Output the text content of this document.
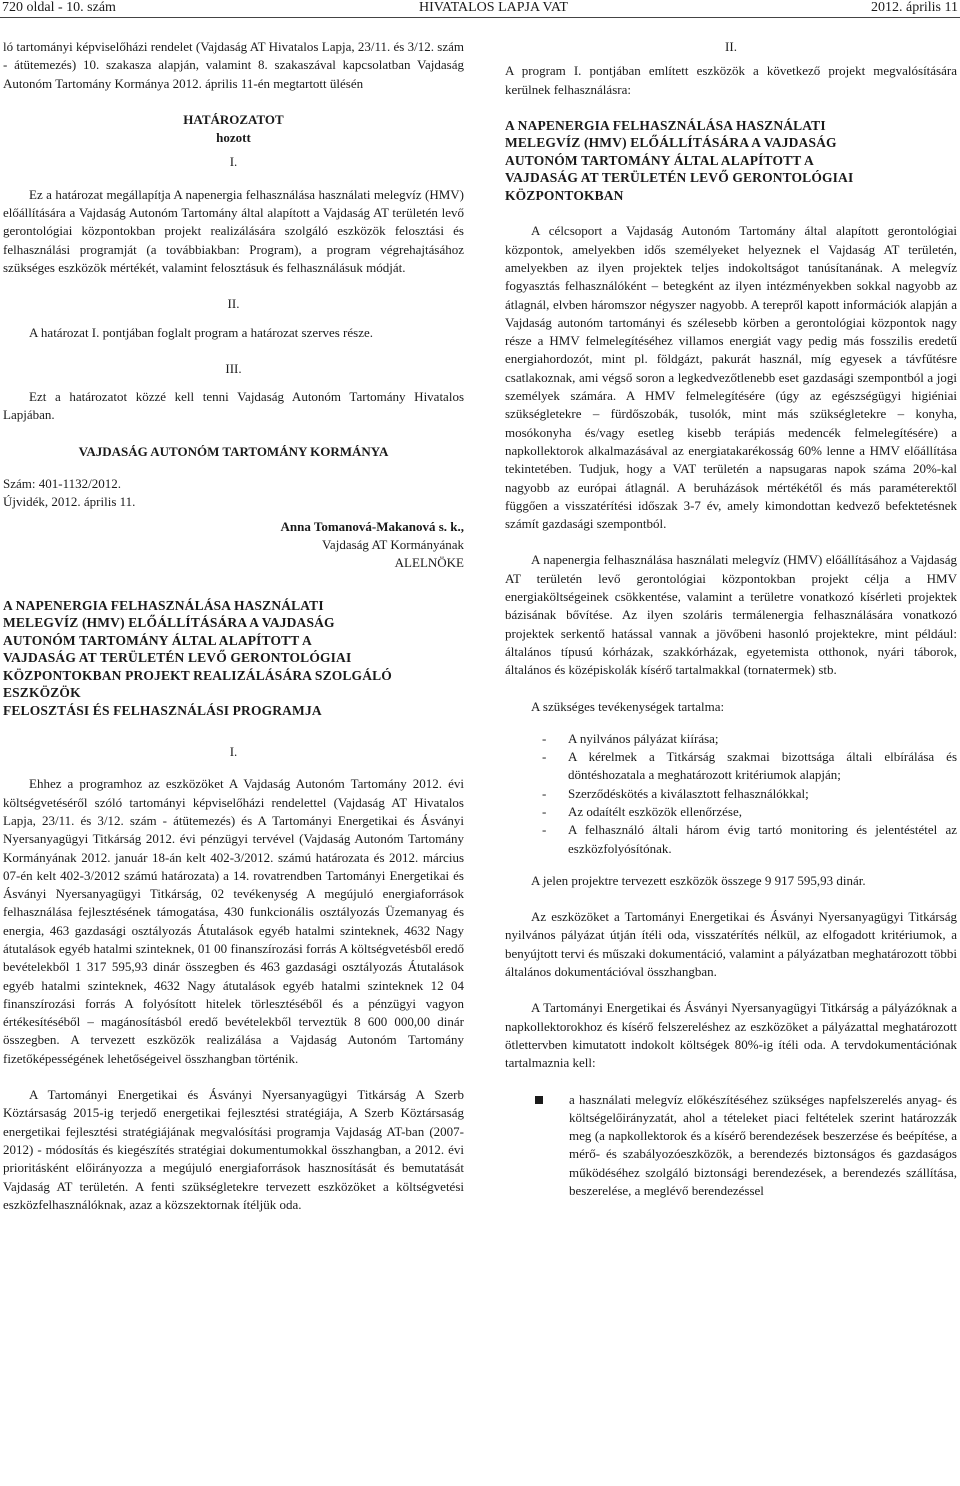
720 oldal - 10. szám	HIVATALOS LAPJA VAT	2012. április 11

ló tartományi képviselőházi rendelet (Vajdaság AT Hivatalos Lapja, 23/11. és 3/12. szám - átütemezés) 10. szakasza alapján, valamint 8. szakaszával kapcsolatban Vajdaság Autonóm Tartomány Kormánya 2012. április 11-én megtartott ülésén

HATÁROZATOT

hozott

I.

Ez a határozat megállapítja A napenergia felhasználása használati melegvíz (HMV) előállítására a Vajdaság Autonóm Tartomány által alapított a Vajdaság AT területén levő gerontológiai központokban projekt realizálására szolgáló eszközök felosztási és felhasználási programját (a továbbiakban: Program), a program végrehajtásához szükséges eszközök mértékét, valamint felosztásuk és felhasználásuk módját.

II.

A határozat I. pontjában foglalt program a határozat szerves része.

III.

Ezt a határozatot közzé kell tenni Vajdaság Autonóm Tartomány Hivatalos Lapjában.

VAJDASÁG AUTONÓM TARTOMÁNY KORMÁNYA

Szám: 401-1132/2012.

Újvidék, 2012. április 11.

Anna Tomanová-Makanová s. k.,

Vajdaság AT Kormányának

ALELNÖKE

A NAPENERGIA FELHASZNÁLÁSA HASZNÁLATI

MELEGVÍZ (HMV) ELŐÁLLÍTÁSÁRA A VAJDASÁG

AUTONÓM TARTOMÁNY ÁLTAL ALAPÍTOTT A

VAJDASÁG AT TERÜLETÉN LEVŐ GERONTOLÓGIAI

KÖZPONTOKBAN PROJEKT REALIZÁLÁSÁRA SZOLGÁLÓ

ESZKÖZÖK

FELOSZTÁSI ÉS FELHASZNÁLÁSI PROGRAMJA

I.

Ehhez a programhoz az eszközöket A Vajdaság Autonóm Tartomány 2012. évi költségvetéséről szóló tartományi képviselőházi rendelettel (Vajdaság AT Hivatalos Lapja, 23/11. és 3/12. szám - átütemezés) és A Tartományi Energetikai és Ásványi Nyersanyagügyi Titkárság 2012. évi pénzügyi tervével (Vajdaság Autonóm Tartomány Kormányának 2012. január 18-án kelt 402-3/2012. számú határozata és 2012. március 07-én kelt 402-3/2012 számú határozata) a 14. rovatrendben Tartományi Energetikai és Ásványi Nyersanyagügyi Titkárság, 02 tevékenység A megújuló energiaforrások felhasználása fejlesztésének támogatása, 430 funkcionális osztályozás Üzemanyag és energia, 463 gazdasági osztályozás Átutalások egyéb hatalmi szinteknek, 4632 Nagy átutalások egyéb hatalmi szinteknek, 01 00 finanszírozási forrás A költségvetésből eredő bevételekből 1 317 595,93 dinár összegben és 463 gazdasági osztályozás Átutalások egyéb hatalmi szinteknek, 4632 Nagy átutalások egyéb hatalmi szinteknek 12 04 finanszírozási forrás A folyósított hitelek törlesztéséből és a pénzügyi vagyon értékesítéséből – magánosításból eredő bevételekből terveztük 8 600 000,00 dinár összegben. A tervezett eszközök realizálása a Vajdaság Autonóm Tartomány fizetőképességének lehetőségeivel összhangban történik.

A Tartományi Energetikai és Ásványi Nyersanyagügyi Titkárság A Szerb Köztársaság 2015-ig terjedő energetikai fejlesztési stratégiája, A Szerb Köztársaság energetikai fejlesztési stratégiájának megvalósítási programja Vajdaság AT-ban (2007-2012) - módosítás és kiegészítés stratégiai dokumentumokkal összhangban, a 2012. évi prioritásként előirányozza a megújuló energiaforrások hasznosítását és bemutatását Vajdaság AT területén. A fenti szükségletekre tervezett eszközöket a költségvetési eszközfelhasználóknak, azaz a közszektornak ítéljük oda.

II.

A program I. pontjában említett eszközök a következő projekt megvalósítására kerülnek felhasználásra:

A NAPENERGIA FELHASZNÁLÁSA HASZNÁLATI

MELEGVÍZ (HMV) ELŐÁLLÍTÁSÁRA A VAJDASÁG

AUTONÓM TARTOMÁNY ÁLTAL ALAPÍTOTT A

VAJDASÁG AT TERÜLETÉN LEVŐ GERONTOLÓGIAI

KÖZPONTOKBAN

A célcsoport a Vajdaság Autonóm Tartomány által alapított gerontológiai központok, amelyekben idős személyeket helyeznek el Vajdaság AT területén, amelyekben az ilyen projektek teljes indokoltságot tanúsítanának. A melegvíz fogyasztás felhasználóként – betegként az ilyen intézményekben sokkal nagyobb az átlagnál, elvben háromszor négyszer nagyobb. A terepről kapott információk alapján a Vajdaság autonóm tartományi és szélesebb körben a gerontológiai központok nagy része a HMV felmelegítéséhez villamos energiát vagy pedig más fosszilis eredetű energiahordozót, mint pl. földgázt, pakurát használ, míg egyesek a távfűtésre csatlakoznak, ami végső soron a legkedvezőtlenebb eset gazdasági szempontból a jogi személyek számára. A HMV felmelegítésére (úgy az egészségügyi higiéniai szükségletekre – fürdőszobák, tusolók, mint más szükségletekre – konyha, mosókonyha és/vagy esetleg kisebb terápiás medencék felmelegítésére) a napkollektorok alkalmazásával az energiatakarékosság 60% lenne a HMV előállítása tekintetében. Tudjuk, hogy a VAT területén a napsugaras napok száma 20%-kal nagyobb az európai átlagnál. A beruházások mértékétől és más paraméterektől függően a visszatérítési időszak 3-7 év, amely kimondottan kedvező befektetésnek számít gazdasági szempontból.

A napenergia felhasználása használati melegvíz (HMV) előállításához a Vajdaság AT területén levő gerontológiai központokban projekt célja a HMV energiaköltségeinek csökkentése, valamint a területre vonatkozó kísérleti projektek bázisának bővítése. Az ilyen szoláris termálenergia felhasználására vonatkozó projektek serkentő hatással vannak a jövőbeni hasonló projektekre, mint például: általános típusú kórházak, szakkórházak, egyetemista otthonok, nyári táborok, általános és középiskolák kísérő tartalmakkal (tornatermek) stb.

A szükséges tevékenységek tartalma:

- A nyilvános pályázat kiírása;
- A kérelmek a Titkárság szakmai bizottsága általi elbírálása és döntéshozatala a meghatározott kritériumok alapján;
- Szerződéskötés a kiválasztott felhasználókkal;
- Az odaítélt eszközök ellenőrzése,
- A felhasználó általi három évig tartó monitoring és jelentéstétel az eszközfolyósítónak.

A jelen projektre tervezett eszközök összege 9 917 595,93 dinár.

Az eszközöket a Tartományi Energetikai és Ásványi Nyersanyagügyi Titkárság nyilvános pályázat útján ítéli oda, visszatérítés nélkül, az elfogadott kritériumok, a benyújtott tervi és műszaki dokumentáció, valamint a pályázatban meghatározott többi általános dokumentációval összhangban.

A Tartományi Energetikai és Ásványi Nyersanyagügyi Titkárság a pályázóknak a napkollektorokhoz és kísérő felszereléshez az eszközöket a pályázattal meghatározott ötlettervben kimutatott indokolt költségek 80%-ig ítéli oda. A tervdokumentációnak tartalmaznia kell:

a használati melegvíz előkészítéséhez szükséges napfelszerelés anyag- és költségelőirányzatát, ahol a tételeket piaci feltételek szerint határozzák meg (a napkollektorok és a kísérő berendezések beszerzése és beépítése, a mérő- és szabályozóeszközök, a berendezés biztonságos és gazdaságos működéséhez szolgáló biztonsági berendezések, a berendezés szállítása, beszerelése, a meglévő berendezéssel
